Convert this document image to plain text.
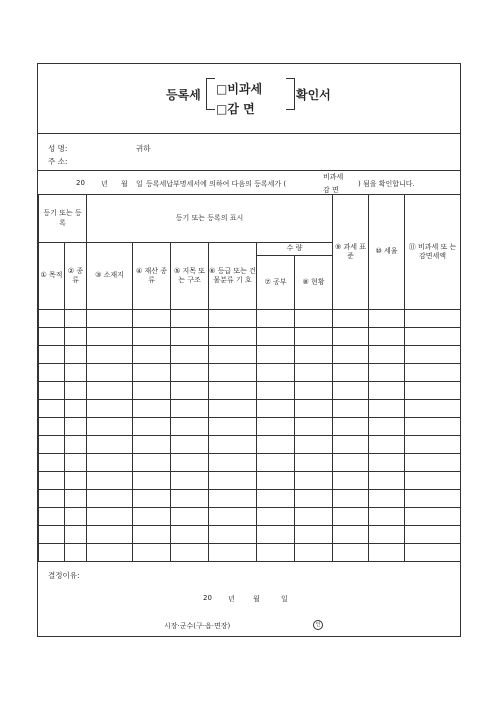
등록세 □비과세
□감 면
확인서
성 명:	귀하
주 소:
20 년 월 일 등록세납부명세서에 의하여 다음의 등록세가 (
비과세
감 면
) 됨을 확인합니다.
등기 또는 등 록		등기 또는 등록의 표시						⑨ 과세 표준	⑩ 세율	⑪ 비과세 또 는 감면세액
① 목적	② 종류	③ 소재지	④ 재산 종류	⑤ 지목 또는 구조	⑥ 등급 또는 건물분류 기 호	수 량				
						⑦ 공부	⑧ 현황			

결정이유:
20 년	월	일
시장·군수(구·읍·면장)	인
